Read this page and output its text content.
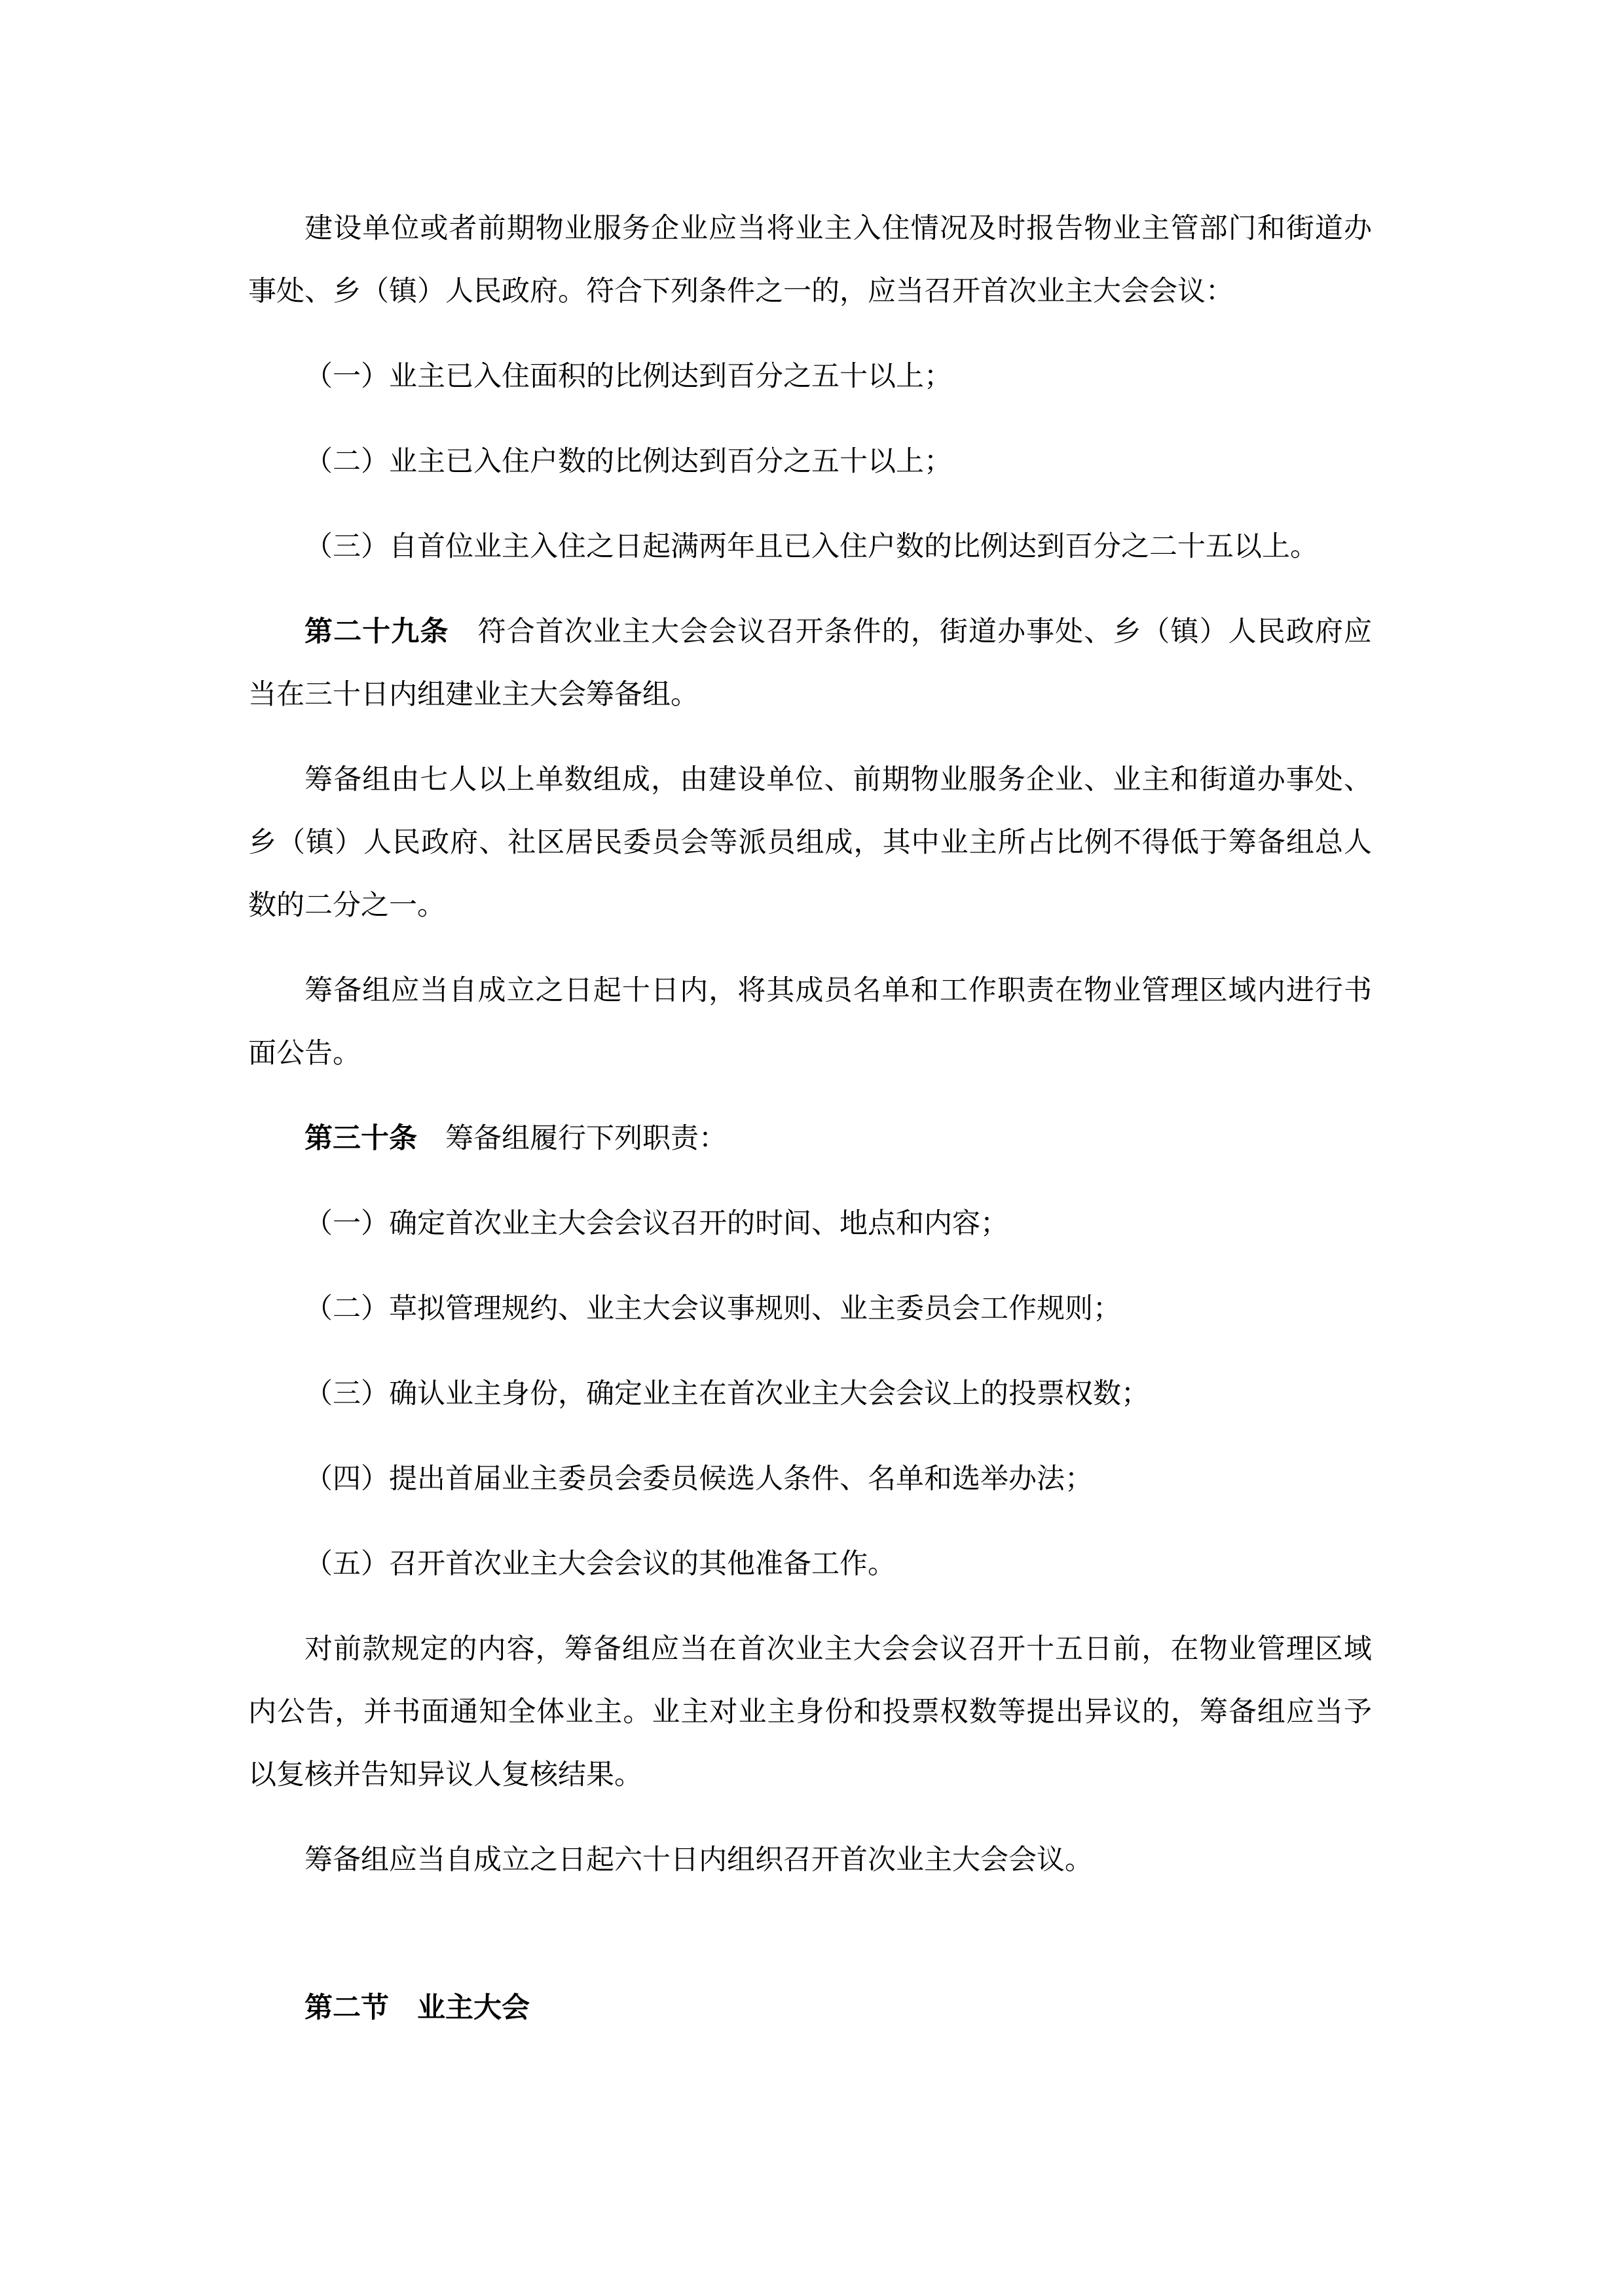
建设单位或者前期物业服务企业应当将业主入住情况及时报告物业主管部门和街道办事处、乡（镇）人民政府。符合下列条件之一的，应当召开首次业主大会会议：

（一）业主已入住面积的比例达到百分之五十以上；

（二）业主已入住户数的比例达到百分之五十以上；

（三）自首位业主入住之日起满两年且已入住户数的比例达到百分之二十五以上。

第二十九条　符合首次业主大会会议召开条件的，街道办事处、乡（镇）人民政府应当在三十日内组建业主大会筹备组。

筹备组由七人以上单数组成，由建设单位、前期物业服务企业、业主和街道办事处、乡（镇）人民政府、社区居民委员会等派员组成，其中业主所占比例不得低于筹备组总人数的二分之一。

筹备组应当自成立之日起十日内，将其成员名单和工作职责在物业管理区域内进行书面公告。

第三十条　筹备组履行下列职责：

（一）确定首次业主大会会议召开的时间、地点和内容；

（二）草拟管理规约、业主大会议事规则、业主委员会工作规则；

（三）确认业主身份，确定业主在首次业主大会会议上的投票权数；

（四）提出首届业主委员会委员候选人条件、名单和选举办法；

（五）召开首次业主大会会议的其他准备工作。

对前款规定的内容，筹备组应当在首次业主大会会议召开十五日前，在物业管理区域内公告，并书面通知全体业主。业主对业主身份和投票权数等提出异议的，筹备组应当予以复核并告知异议人复核结果。

筹备组应当自成立之日起六十日内组织召开首次业主大会会议。

第二节　业主大会
